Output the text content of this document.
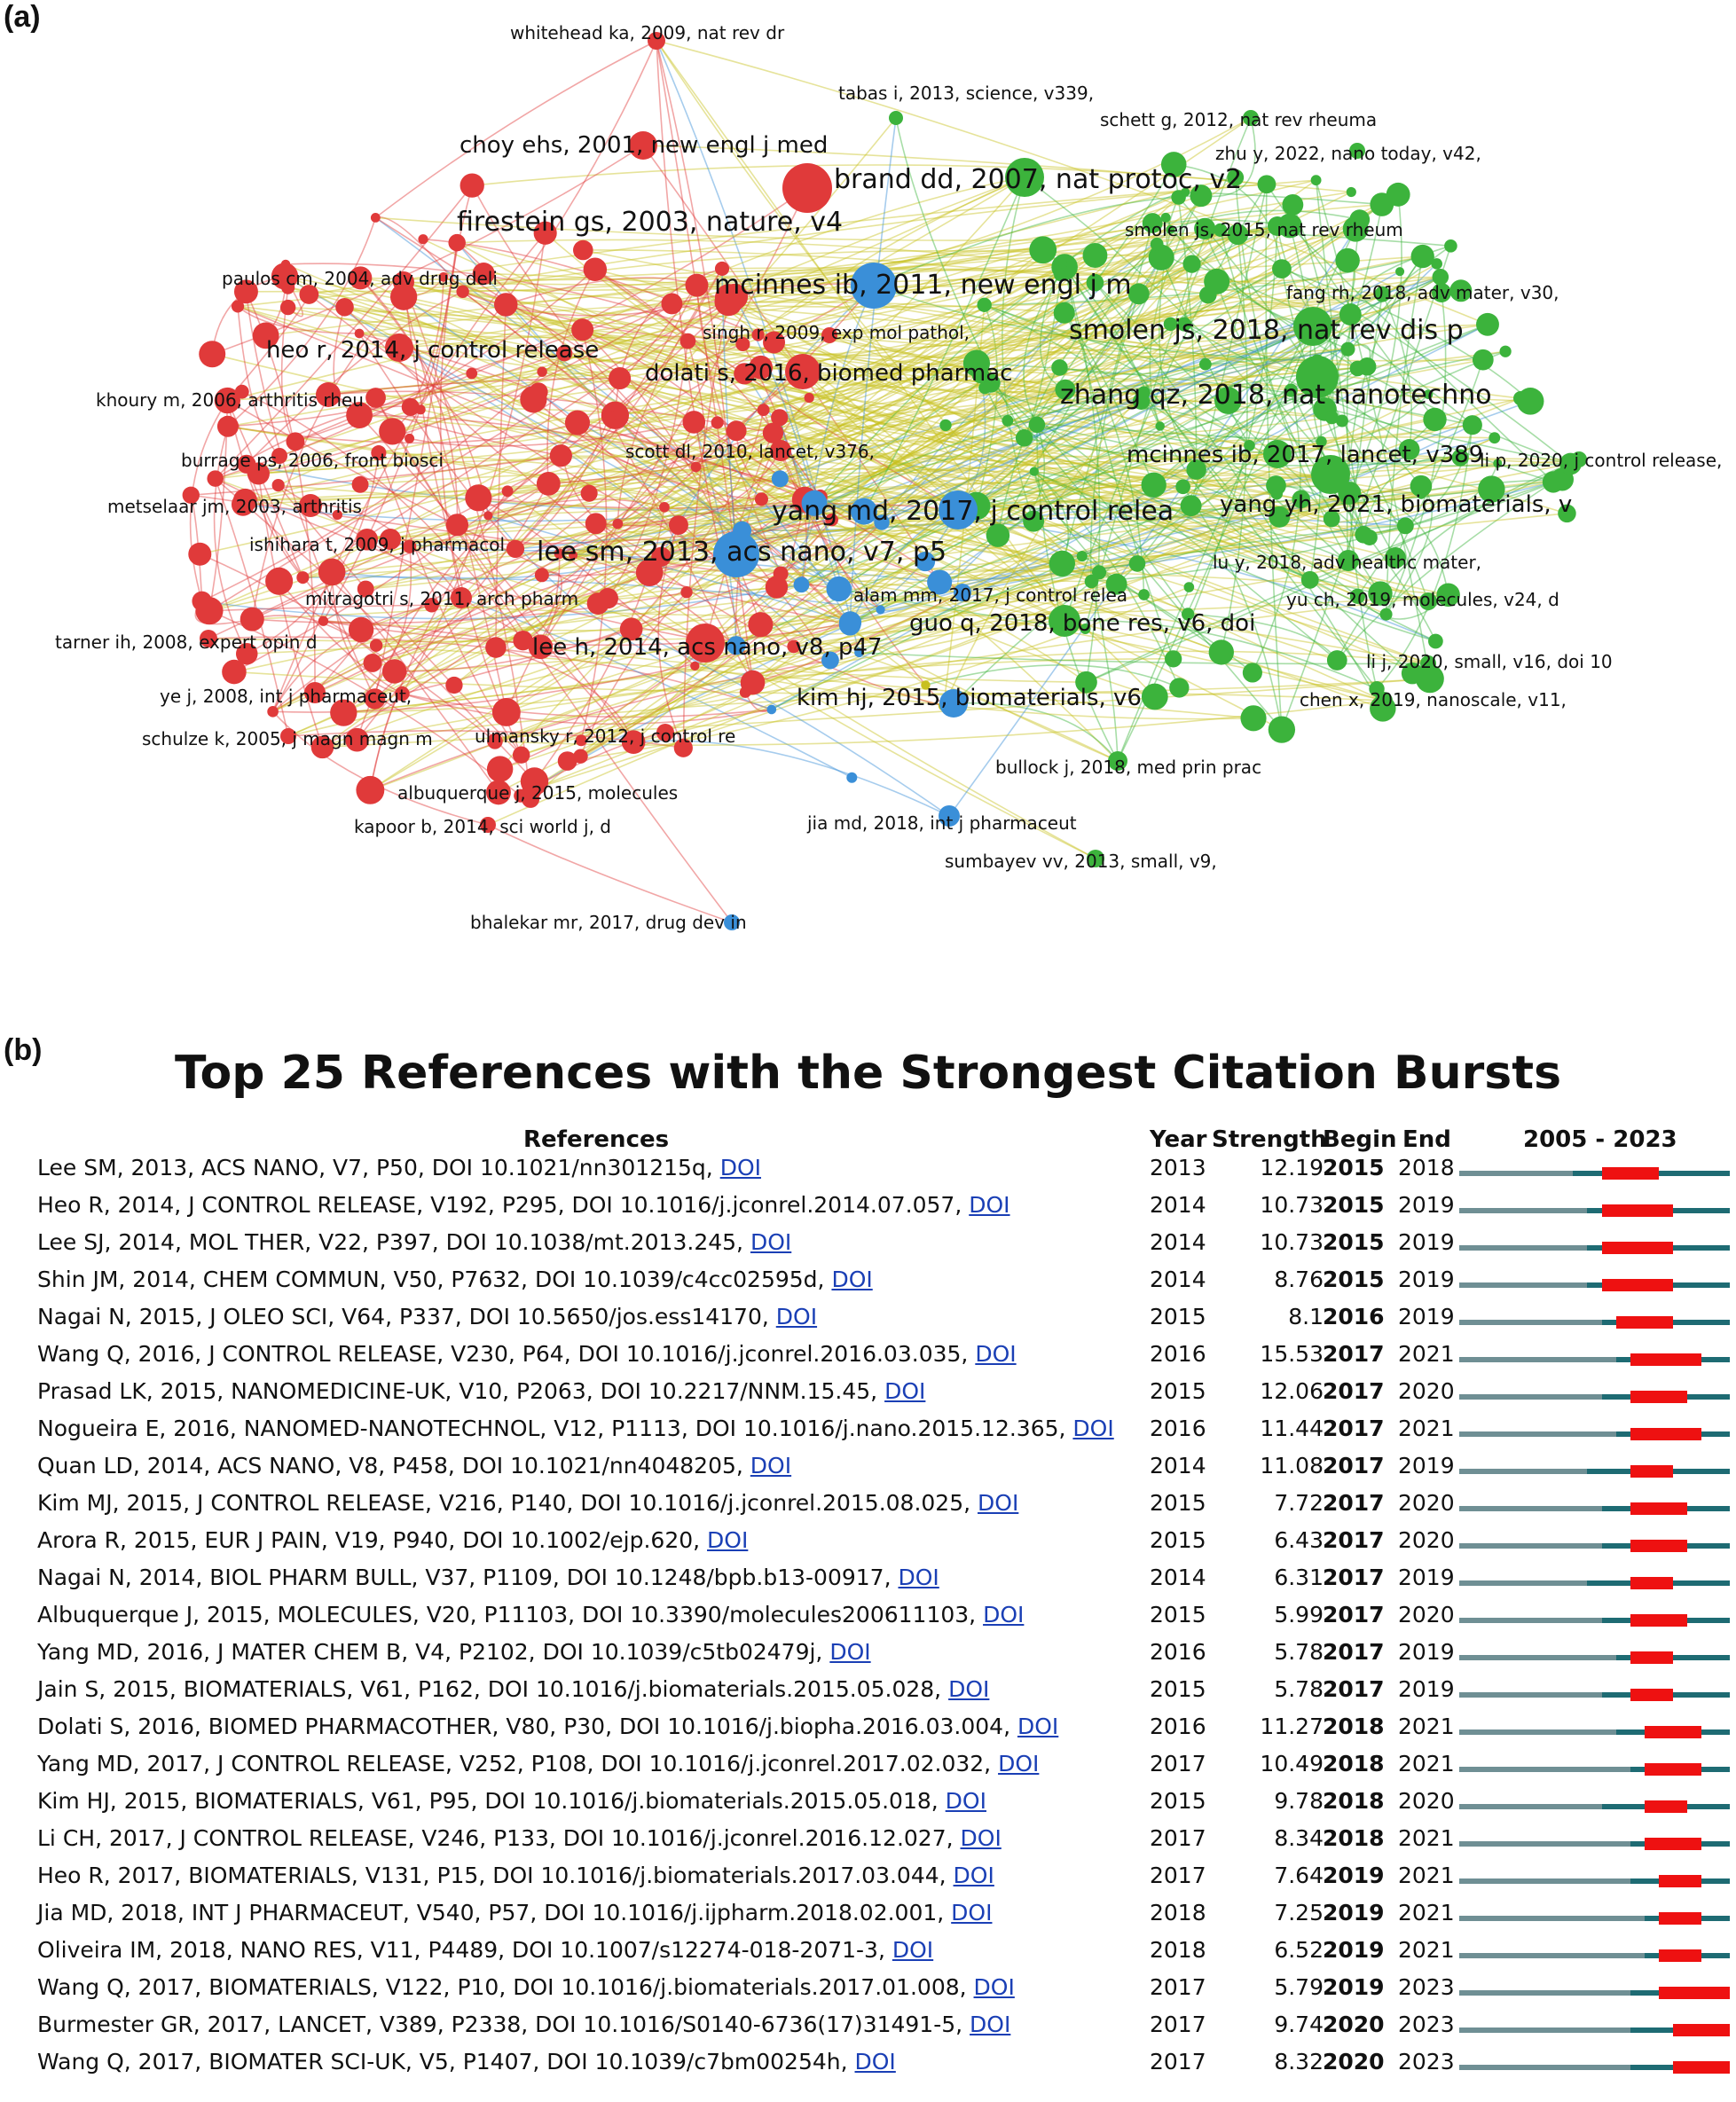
(a)	whitehead ka, 2009, nat rev dr
tabas i, 2013, science, v339,
schett g, 2012, nat rev rheuma
choy ehs, 2001, new engl j med	zhu y, 2022, nano today, v42,
brand dd, 2007, nat protoc, v2
firestein gs, 2003, nature, v4	smolen js, 2015, nat rev rheum
paulos cm, 2004, adv drug deli	mcinnes ib, 2011, new engl j m	fang rh, 2018, adv mater, v30,
singh r, 2009, exp mol pathol,	smolen js, 2018, nat rev dis p
heo r, 2014, j control release
dolati s, 2016, biomed pharmac
khoury m, 2006, arthritis rheu	zhang qz, 2018, nat nanotechno
burrage ps, 2006, front biosci	scott dl, 2010, lancet, v376,	mcinnes ib, 2017, lancet, v389
li p, 2020, j control release,
metselaar jm, 2003, arthritis	yang md, 2017, j control relea yang yh, 2021, biomaterials, v
ishihara t, 2009, j pharmacol lee sm, 2013, acs nano, v7, p5	lu y, 2018, adv healthc mater,
alam mm, 2017, j control relea
mitragotri s, 2011, arch pharm	yu ch, 2019, molecules, v24, d
tarner ih, 2008, expert opin d
guo q, 2018, bone res, v6, doi
lee h, 2014, acs nano, v8, p47
li j, 2020, small, v16, doi 10
ye j, 2008, int j pharmaceut,	kim hj, 2015, biomaterials, v6	chen x, 2019, nanoscale, v11,
schulze k, 2005, j magn magn m ulmansky r, 2012, j control re
bullock j, 2018, med prin prac
albuquerque j, 2015, molecules
jia md, 2018, int j pharmaceut
kapoor b, 2014, sci world j, d
sumbayev vv, 2013, small, v9,
bhalekar mr, 2017, drug dev in
(b)	Top 25 References with the Strongest Citation Bursts
References	Year Strength
Begin End	2005 - 2023
Lee SM, 2013, ACS NANO, V7, P50, DOI 10.1021/nn301215q, DOI	2013	12.19 2015 2018
Heo R, 2014, J CONTROL RELEASE, V192, P295, DOI 10.1016/j.jconrel.2014.07.057, DOI	2014	10.73 2015 2019
Lee SJ, 2014, MOL THER, V22, P397, DOI 10.1038/mt.2013.245, DOI	2014	10.73 2015 2019
Shin JM, 2014, CHEM COMMUN, V50, P7632, DOI 10.1039/c4cc02595d, DOI	2014	8.76 2015 2019
Nagai N, 2015, J OLEO SCI, V64, P337, DOI 10.5650/jos.ess14170, DOI	2015	8.1 2016 2019
Wang Q, 2016, J CONTROL RELEASE, V230, P64, DOI 10.1016/j.jconrel.2016.03.035, DOI	2016	15.53 2017 2021
Prasad LK, 2015, NANOMEDICINE-UK, V10, P2063, DOI 10.2217/NNM.15.45, DOI	2015	12.06 2017 2020
Nogueira E, 2016, NANOMED-NANOTECHNOL, V12, P1113, DOI 10.1016/j.nano.2015.12.365, DOI 2016	11.44 2017 2021
Quan LD, 2014, ACS NANO, V8, P458, DOI 10.1021/nn4048205, DOI	2014	11.08 2017 2019
Kim MJ, 2015, J CONTROL RELEASE, V216, P140, DOI 10.1016/j.jconrel.2015.08.025, DOI	2015	7.72 2017 2020
Arora R, 2015, EUR J PAIN, V19, P940, DOI 10.1002/ejp.620, DOI	2015	6.43 2017 2020
Nagai N, 2014, BIOL PHARM BULL, V37, P1109, DOI 10.1248/bpb.b13-00917, DOI	2014	6.31 2017 2019
Albuquerque J, 2015, MOLECULES, V20, P11103, DOI 10.3390/molecules200611103, DOI	2015	5.99 2017 2020
Yang MD, 2016, J MATER CHEM B, V4, P2102, DOI 10.1039/c5tb02479j, DOI	2016	5.78 2017 2019
Jain S, 2015, BIOMATERIALS, V61, P162, DOI 10.1016/j.biomaterials.2015.05.028, DOI	2015	5.78 2017 2019
Dolati S, 2016, BIOMED PHARMACOTHER, V80, P30, DOI 10.1016/j.biopha.2016.03.004, DOI	2016	11.27 2018 2021
Yang MD, 2017, J CONTROL RELEASE, V252, P108, DOI 10.1016/j.jconrel.2017.02.032, DOI	2017	10.49 2018 2021
Kim HJ, 2015, BIOMATERIALS, V61, P95, DOI 10.1016/j.biomaterials.2015.05.018, DOI	2015	9.78 2018 2020
Li CH, 2017, J CONTROL RELEASE, V246, P133, DOI 10.1016/j.jconrel.2016.12.027, DOI	2017	8.34 2018 2021
Heo R, 2017, BIOMATERIALS, V131, P15, DOI 10.1016/j.biomaterials.2017.03.044, DOI	2017	7.64 2019 2021
Jia MD, 2018, INT J PHARMACEUT, V540, P57, DOI 10.1016/j.ijpharm.2018.02.001, DOI	2018	7.25 2019 2021
Oliveira IM, 2018, NANO RES, V11, P4489, DOI 10.1007/s12274-018-2071-3, DOI	2018	6.52 2019 2021
Wang Q, 2017, BIOMATERIALS, V122, P10, DOI 10.1016/j.biomaterials.2017.01.008, DOI	2017	5.79 2019 2023
Burmester GR, 2017, LANCET, V389, P2338, DOI 10.1016/S0140-6736(17)31491-5, DOI	2017	9.74 2020 2023
Wang Q, 2017, BIOMATER SCI-UK, V5, P1407, DOI 10.1039/c7bm00254h, DOI	2017	8.32 2020 2023
